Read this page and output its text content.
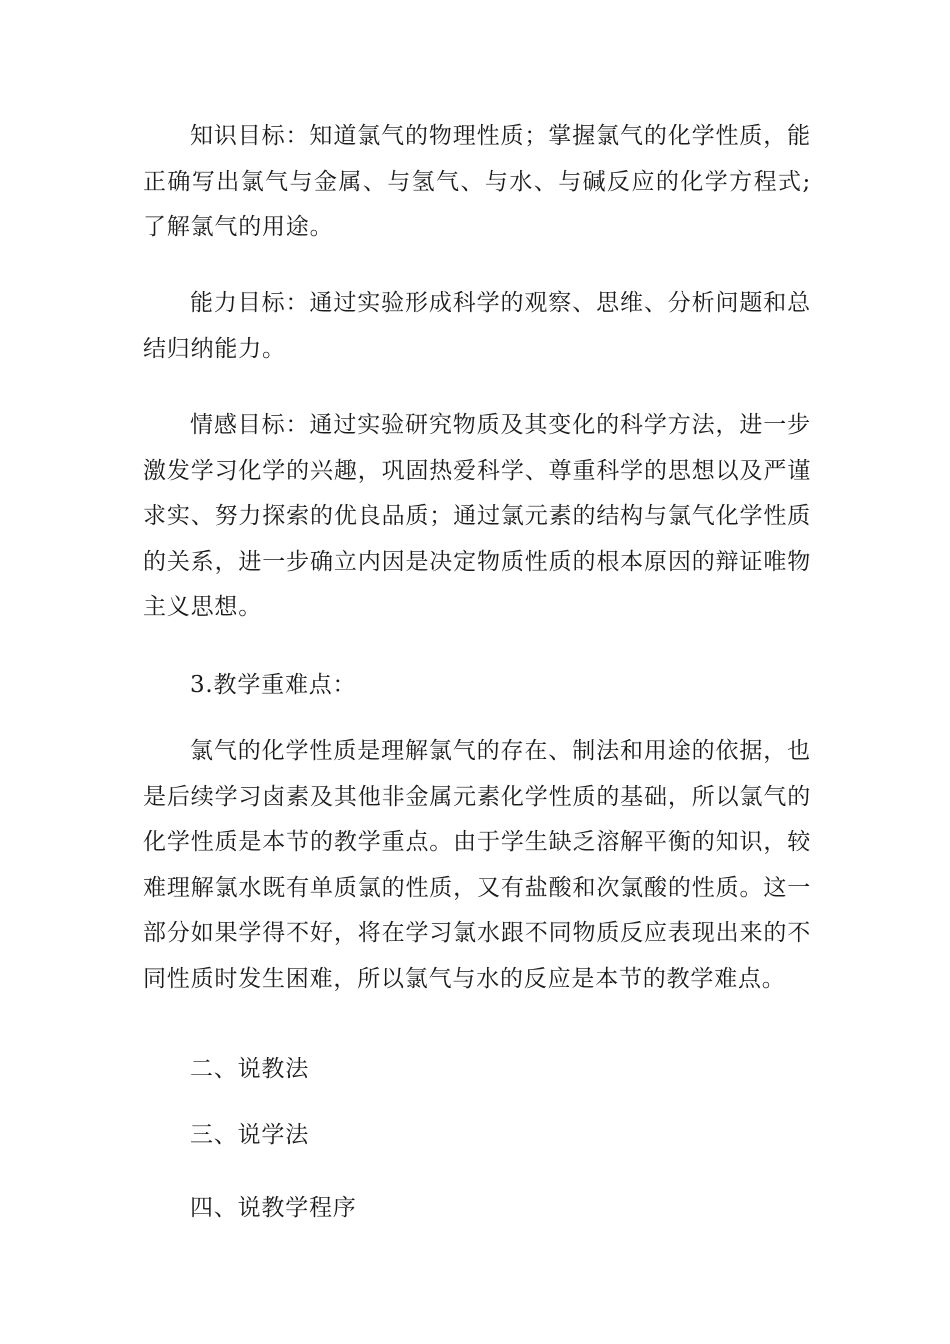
知识目标：知道氯气的物理性质；掌握氯气的化学性质，能正确写出氯气与金属、与氢气、与水、与碱反应的化学方程式;了解氯气的用途。

能力目标：通过实验形成科学的观察、思维、分析问题和总结归纳能力。

情感目标：通过实验研究物质及其变化的科学方法，进一步激发学习化学的兴趣，巩固热爱科学、尊重科学的思想以及严谨求实、努力探索的优良品质；通过氯元素的结构与氯气化学性质的关系，进一步确立内因是决定物质性质的根本原因的辩证唯物主义思想。

3.教学重难点：

氯气的化学性质是理解氯气的存在、制法和用途的依据，也是后续学习卤素及其他非金属元素化学性质的基础，所以氯气的化学性质是本节的教学重点。由于学生缺乏溶解平衡的知识，较难理解氯水既有单质氯的性质，又有盐酸和次氯酸的性质。这一部分如果学得不好，将在学习氯水跟不同物质反应表现出来的不同性质时发生困难，所以氯气与水的反应是本节的教学难点。

二、说教法

三、说学法

四、说教学程序
